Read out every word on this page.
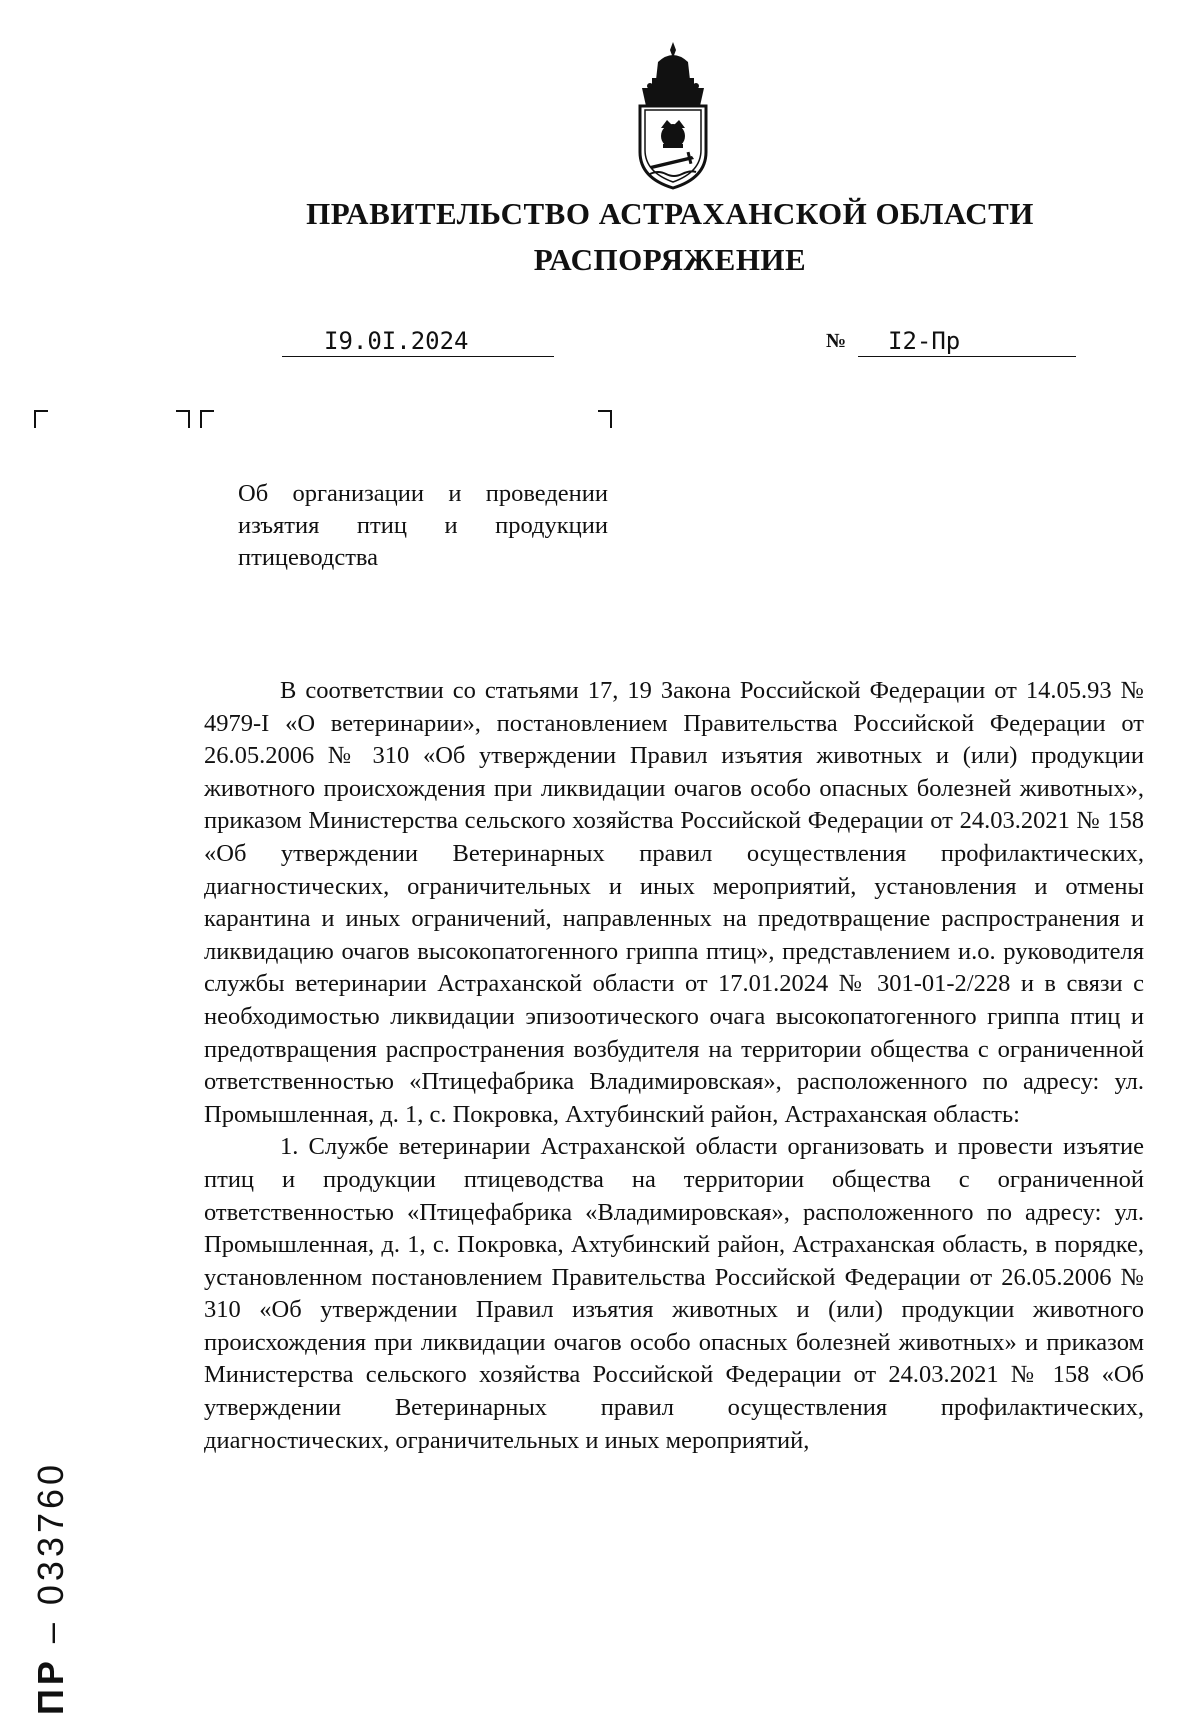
ПРАВИТЕЛЬСТВО АСТРАХАНСКОЙ ОБЛАСТИ
РАСПОРЯЖЕНИЕ
I9.0I.2024	№	I2-Пр
Об организации и проведении
изъятия птиц и продукции
птицеводства

В соответствии со статьями 17, 19 Закона Российской Федерации от 14.05.93 № 4979-I «О ветеринарии», постановлением Правительства Российской Федерации от 26.05.2006 № 310 «Об утверждении Правил изъятия животных и (или) продукции животного происхождения при ликвидации очагов особо опасных болезней животных», приказом Министерства сельского хозяйства Российской Федерации от 24.03.2021 № 158 «Об утверждении Ветеринарных правил осуществления профилактических, диагностических, ограничительных и иных мероприятий, установления и отмены карантина и иных ограничений, направленных на предотвращение распространения и ликвидацию очагов высокопатогенного гриппа птиц», представлением и.о. руководителя службы ветеринарии Астраханской области от 17.01.2024 № 301-01-2/228 и в связи с необходимостью ликвидации эпизоотического очага высокопатогенного гриппа птиц и предотвращения распространения возбудителя на территории общества с ограниченной ответственностью «Птицефабрика Владимировская», расположенного по адресу: ул. Промышленная, д. 1, с. Покровка, Ахтубинский район, Астраханская область:

1. Службе ветеринарии Астраханской области организовать и провести изъятие птиц и продукции птицеводства на территории общества с ограниченной ответственностью «Птицефабрика «Владимировская», расположенного по адресу: ул. Промышленная, д. 1, с. Покровка, Ахтубинский район, Астраханская область, в порядке, установленном постановлением Правительства Российской Федерации от 26.05.2006 № 310 «Об утверждении Правил изъятия животных и (или) продукции животного происхождения при ликвидации очагов особо опасных болезней животных» и приказом Министерства сельского хозяйства Российской Федерации от 24.03.2021 № 158 «Об утверждении Ветеринарных правил осуществления профилактических, диагностических, ограничительных и иных мероприятий,

ПР – 033760
